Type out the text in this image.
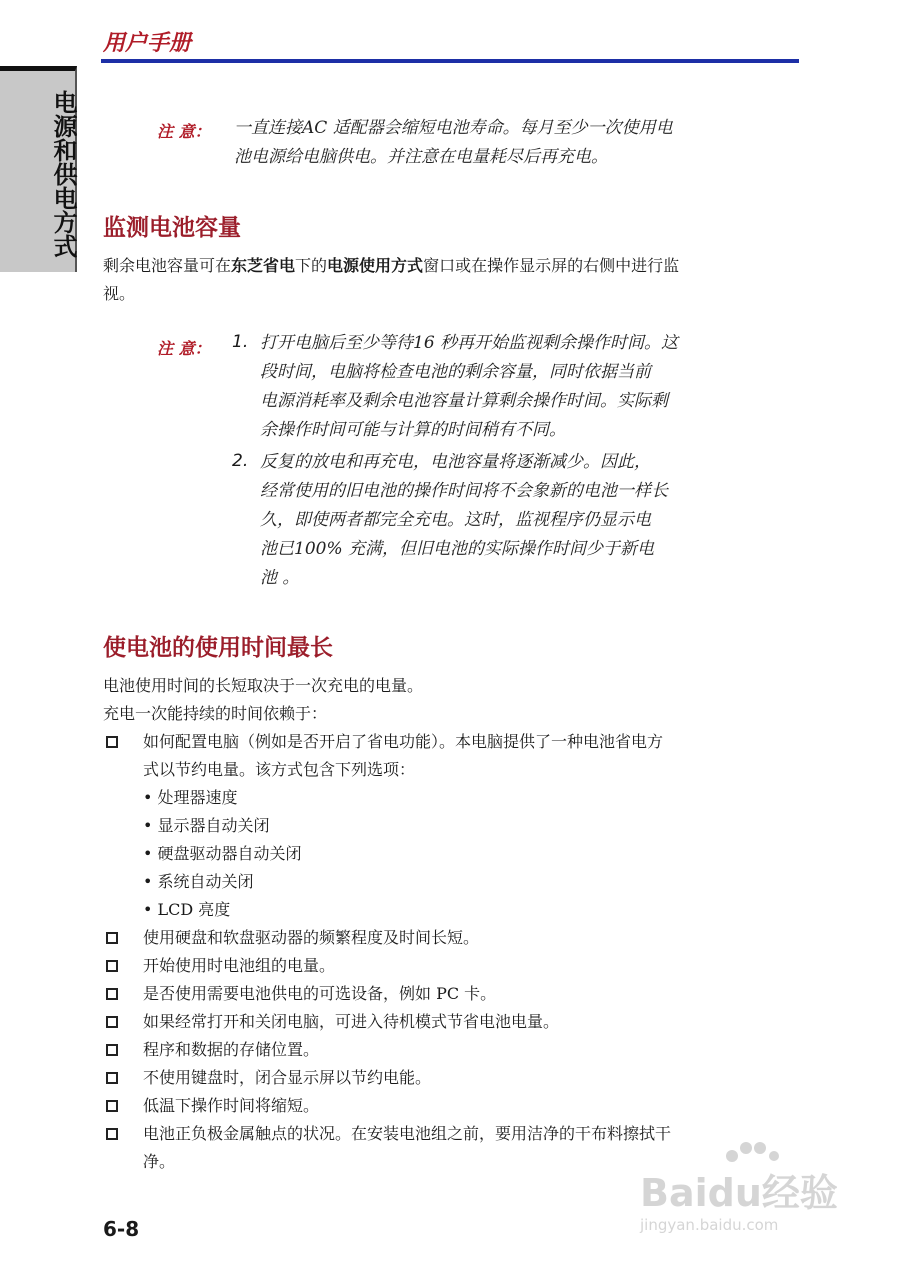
用户手册
电源和供电方式	注 意： 一直连接AC 适配器会缩短电池寿命。每月至少一次使用电
池电源给电脑供电。并注意在电量耗尽后再充电。
监测电池容量
剩余电池容量可在东芝省电下的电源使用方式窗口或在操作显示屏的右侧中进行监
视。
注 意： 1. 打开电脑后至少等待16 秒再开始监视剩余操作时间。这
段时间，电脑将检查电池的剩余容量，同时依据当前
电源消耗率及剩余电池容量计算剩余操作时间。实际剩
余操作时间可能与计算的时间稍有不同。
2. 反复的放电和再充电，电池容量将逐渐减少。因此，
经常使用的旧电池的操作时间将不会象新的电池一样长
久，即使两者都完全充电。这时，监视程序仍显示电
池已100% 充满，但旧电池的实际操作时间少于新电
池 。
使电池的使用时间最长
电池使用时间的长短取决于一次充电的电量。
充电一次能持续的时间依赖于：
如何配置电脑（例如是否开启了省电功能）。本电脑提供了一种电池省电方
式以节约电量。该方式包含下列选项：
• 处理器速度
• 显示器自动关闭
• 硬盘驱动器自动关闭
• 系统自动关闭
• LCD 亮度
使用硬盘和软盘驱动器的频繁程度及时间长短。
开始使用时电池组的电量。
是否使用需要电池供电的可选设备，例如 PC 卡。
如果经常打开和关闭电脑，可进入待机模式节省电池电量。
程序和数据的存储位置。
不使用键盘时，闭合显示屏以节约电能。
低温下操作时间将缩短。
电池正负极金属触点的状况。在安装电池组之前，要用洁净的干布料擦拭干
净。
6-8
Baidu经验
jingyan.baidu.com
